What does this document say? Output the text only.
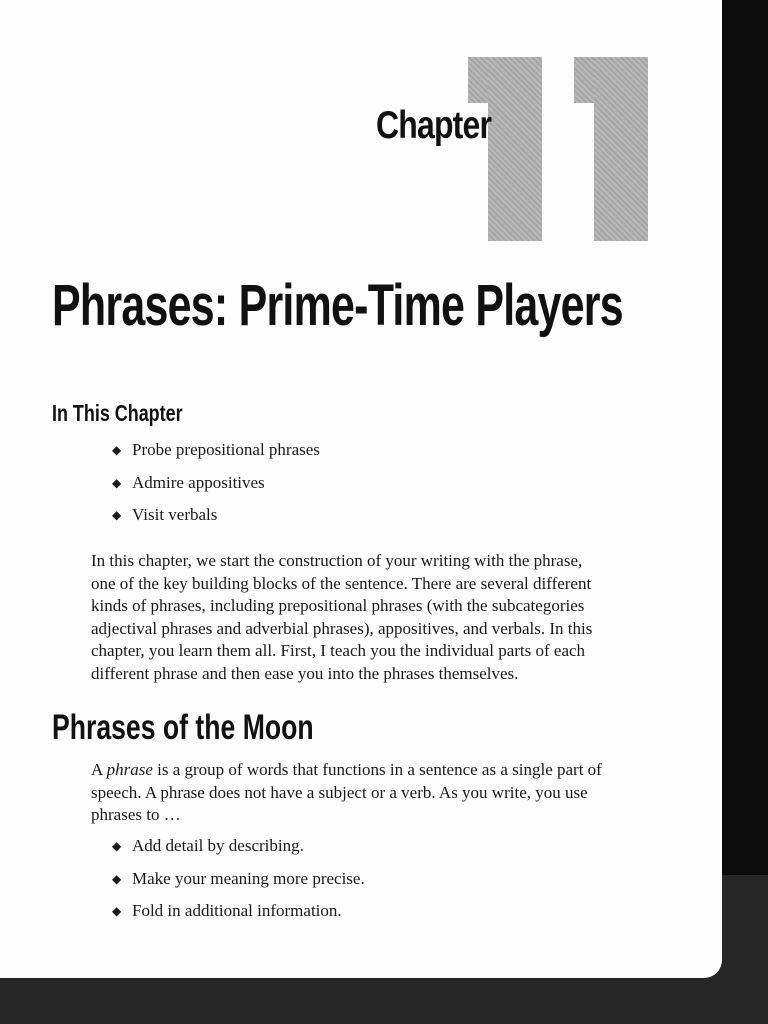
Chapter
Phrases: Prime-Time Players
In This Chapter
◆ Probe prepositional phrases
◆ Admire appositives
◆ Visit verbals

In this chapter, we start the construction of your writing with the phrase,
one of the key building blocks of the sentence. There are several different
kinds of phrases, including prepositional phrases (with the subcategories
adjectival phrases and adverbial phrases), appositives, and verbals. In this
chapter, you learn them all. First, I teach you the individual parts of each
different phrase and then ease you into the phrases themselves.

Phrases of the Moon

A phrase is a group of words that functions in a sentence as a single part of
speech. A phrase does not have a subject or a verb. As you write, you use
phrases to …

◆ Add detail by describing.
◆ Make your meaning more precise.
◆ Fold in additional information.
